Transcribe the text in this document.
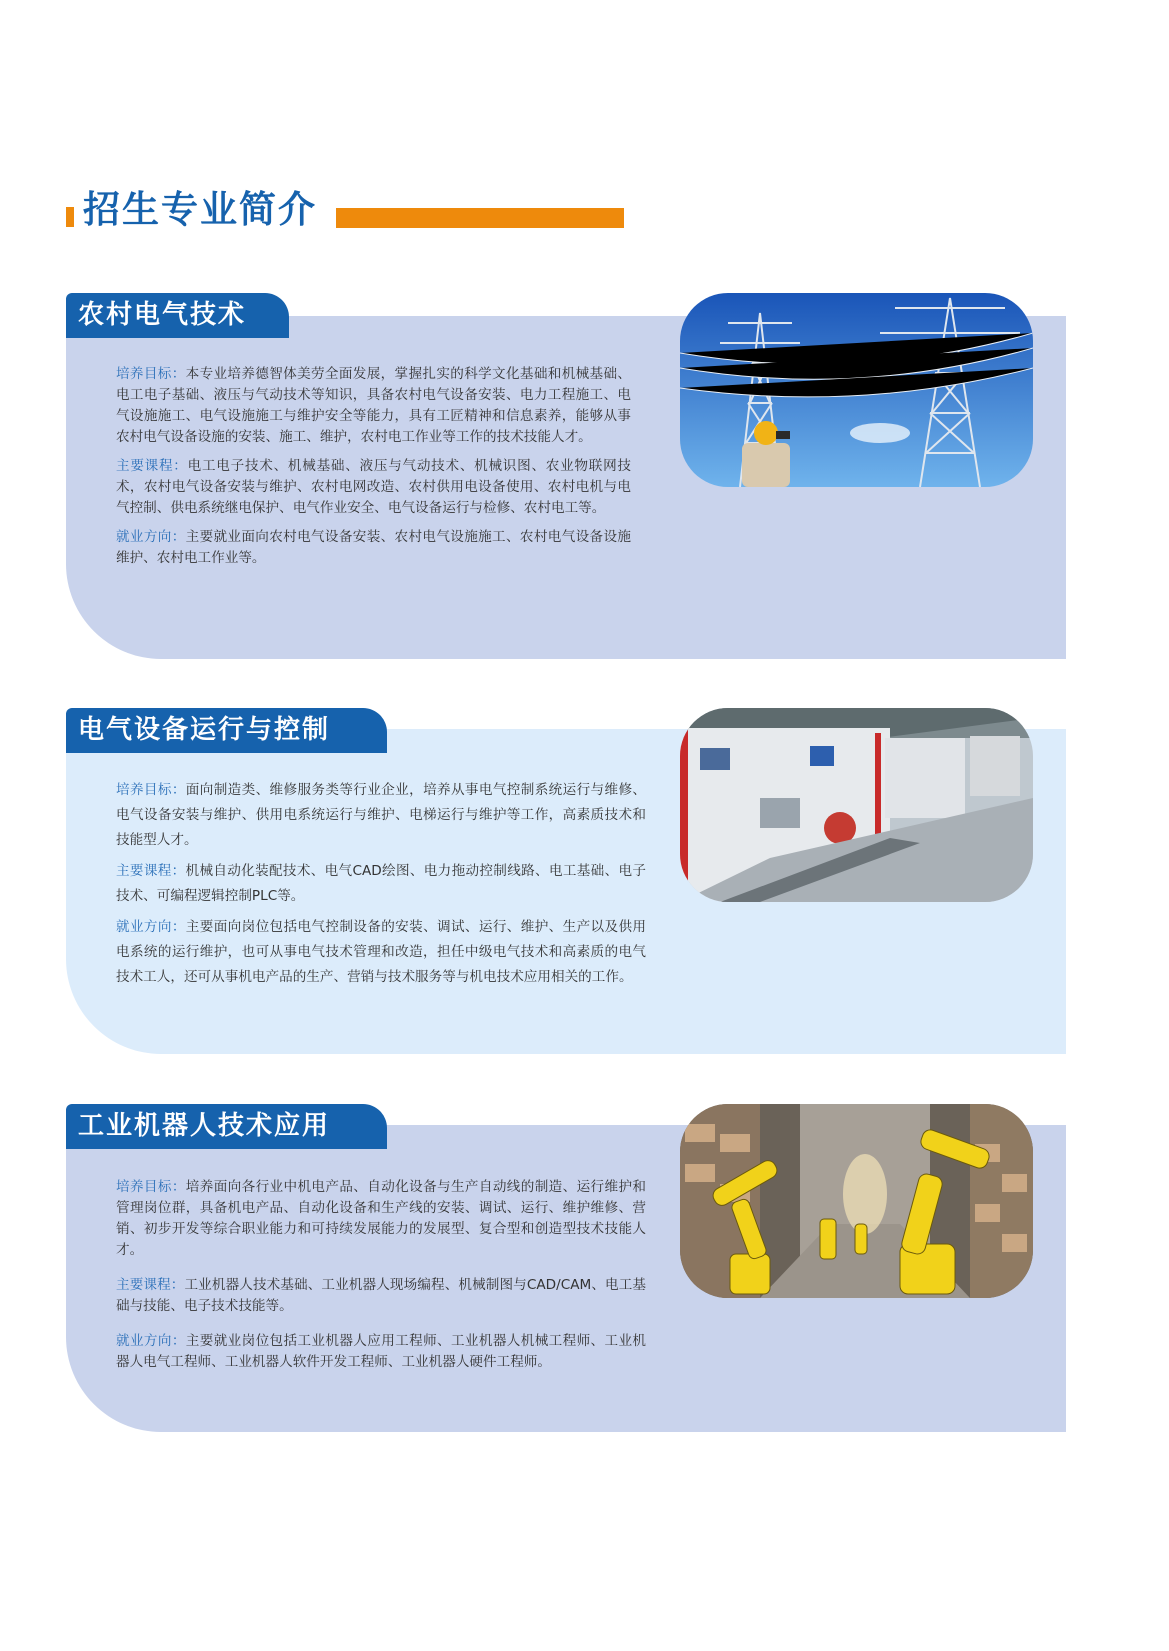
招生专业简介
农村电气技术

培养目标：本专业培养德智体美劳全面发展，掌握扎实的科学文化基础和机械基础、电工电子基础、液压与气动技术等知识，具备农村电气设备安装、电力工程施工、电气设施施工、电气设施施工与维护安全等能力，具有工匠精神和信息素养，能够从事农村电气设备设施的安装、施工、维护，农村电工作业等工作的技术技能人才。

主要课程：电工电子技术、机械基础、液压与气动技术、机械识图、农业物联网技术，农村电气设备安装与维护、农村电网改造、农村供用电设备使用、农村电机与电气控制、供电系统继电保护、电气作业安全、电气设备运行与检修、农村电工等。

就业方向：主要就业面向农村电气设备安装、农村电气设施施工、农村电气设备设施维护、农村电工作业等。

电气设备运行与控制

培养目标：面向制造类、维修服务类等行业企业，培养从事电气控制系统运行与维修、电气设备安装与维护、供用电系统运行与维护、电梯运行与维护等工作，高素质技术和技能型人才。

主要课程：机械自动化装配技术、电气CAD绘图、电力拖动控制线路、电工基础、电子技术、可编程逻辑控制PLC等。

就业方向：主要面向岗位包括电气控制设备的安装、调试、运行、维护、生产以及供用电系统的运行维护，也可从事电气技术管理和改造，担任中级电气技术和高素质的电气技术工人，还可从事机电产品的生产、营销与技术服务等与机电技术应用相关的工作。

工业机器人技术应用

培养目标：培养面向各行业中机电产品、自动化设备与生产自动线的制造、运行维护和管理岗位群，具备机电产品、自动化设备和生产线的安装、调试、运行、维护维修、营销、初步开发等综合职业能力和可持续发展能力的发展型、复合型和创造型技术技能人才。

主要课程：工业机器人技术基础、工业机器人现场编程、机械制图与CAD/CAM、电工基础与技能、电子技术技能等。

就业方向：主要就业岗位包括工业机器人应用工程师、工业机器人机械工程师、工业机器人电气工程师、工业机器人软件开发工程师、工业机器人硬件工程师。
